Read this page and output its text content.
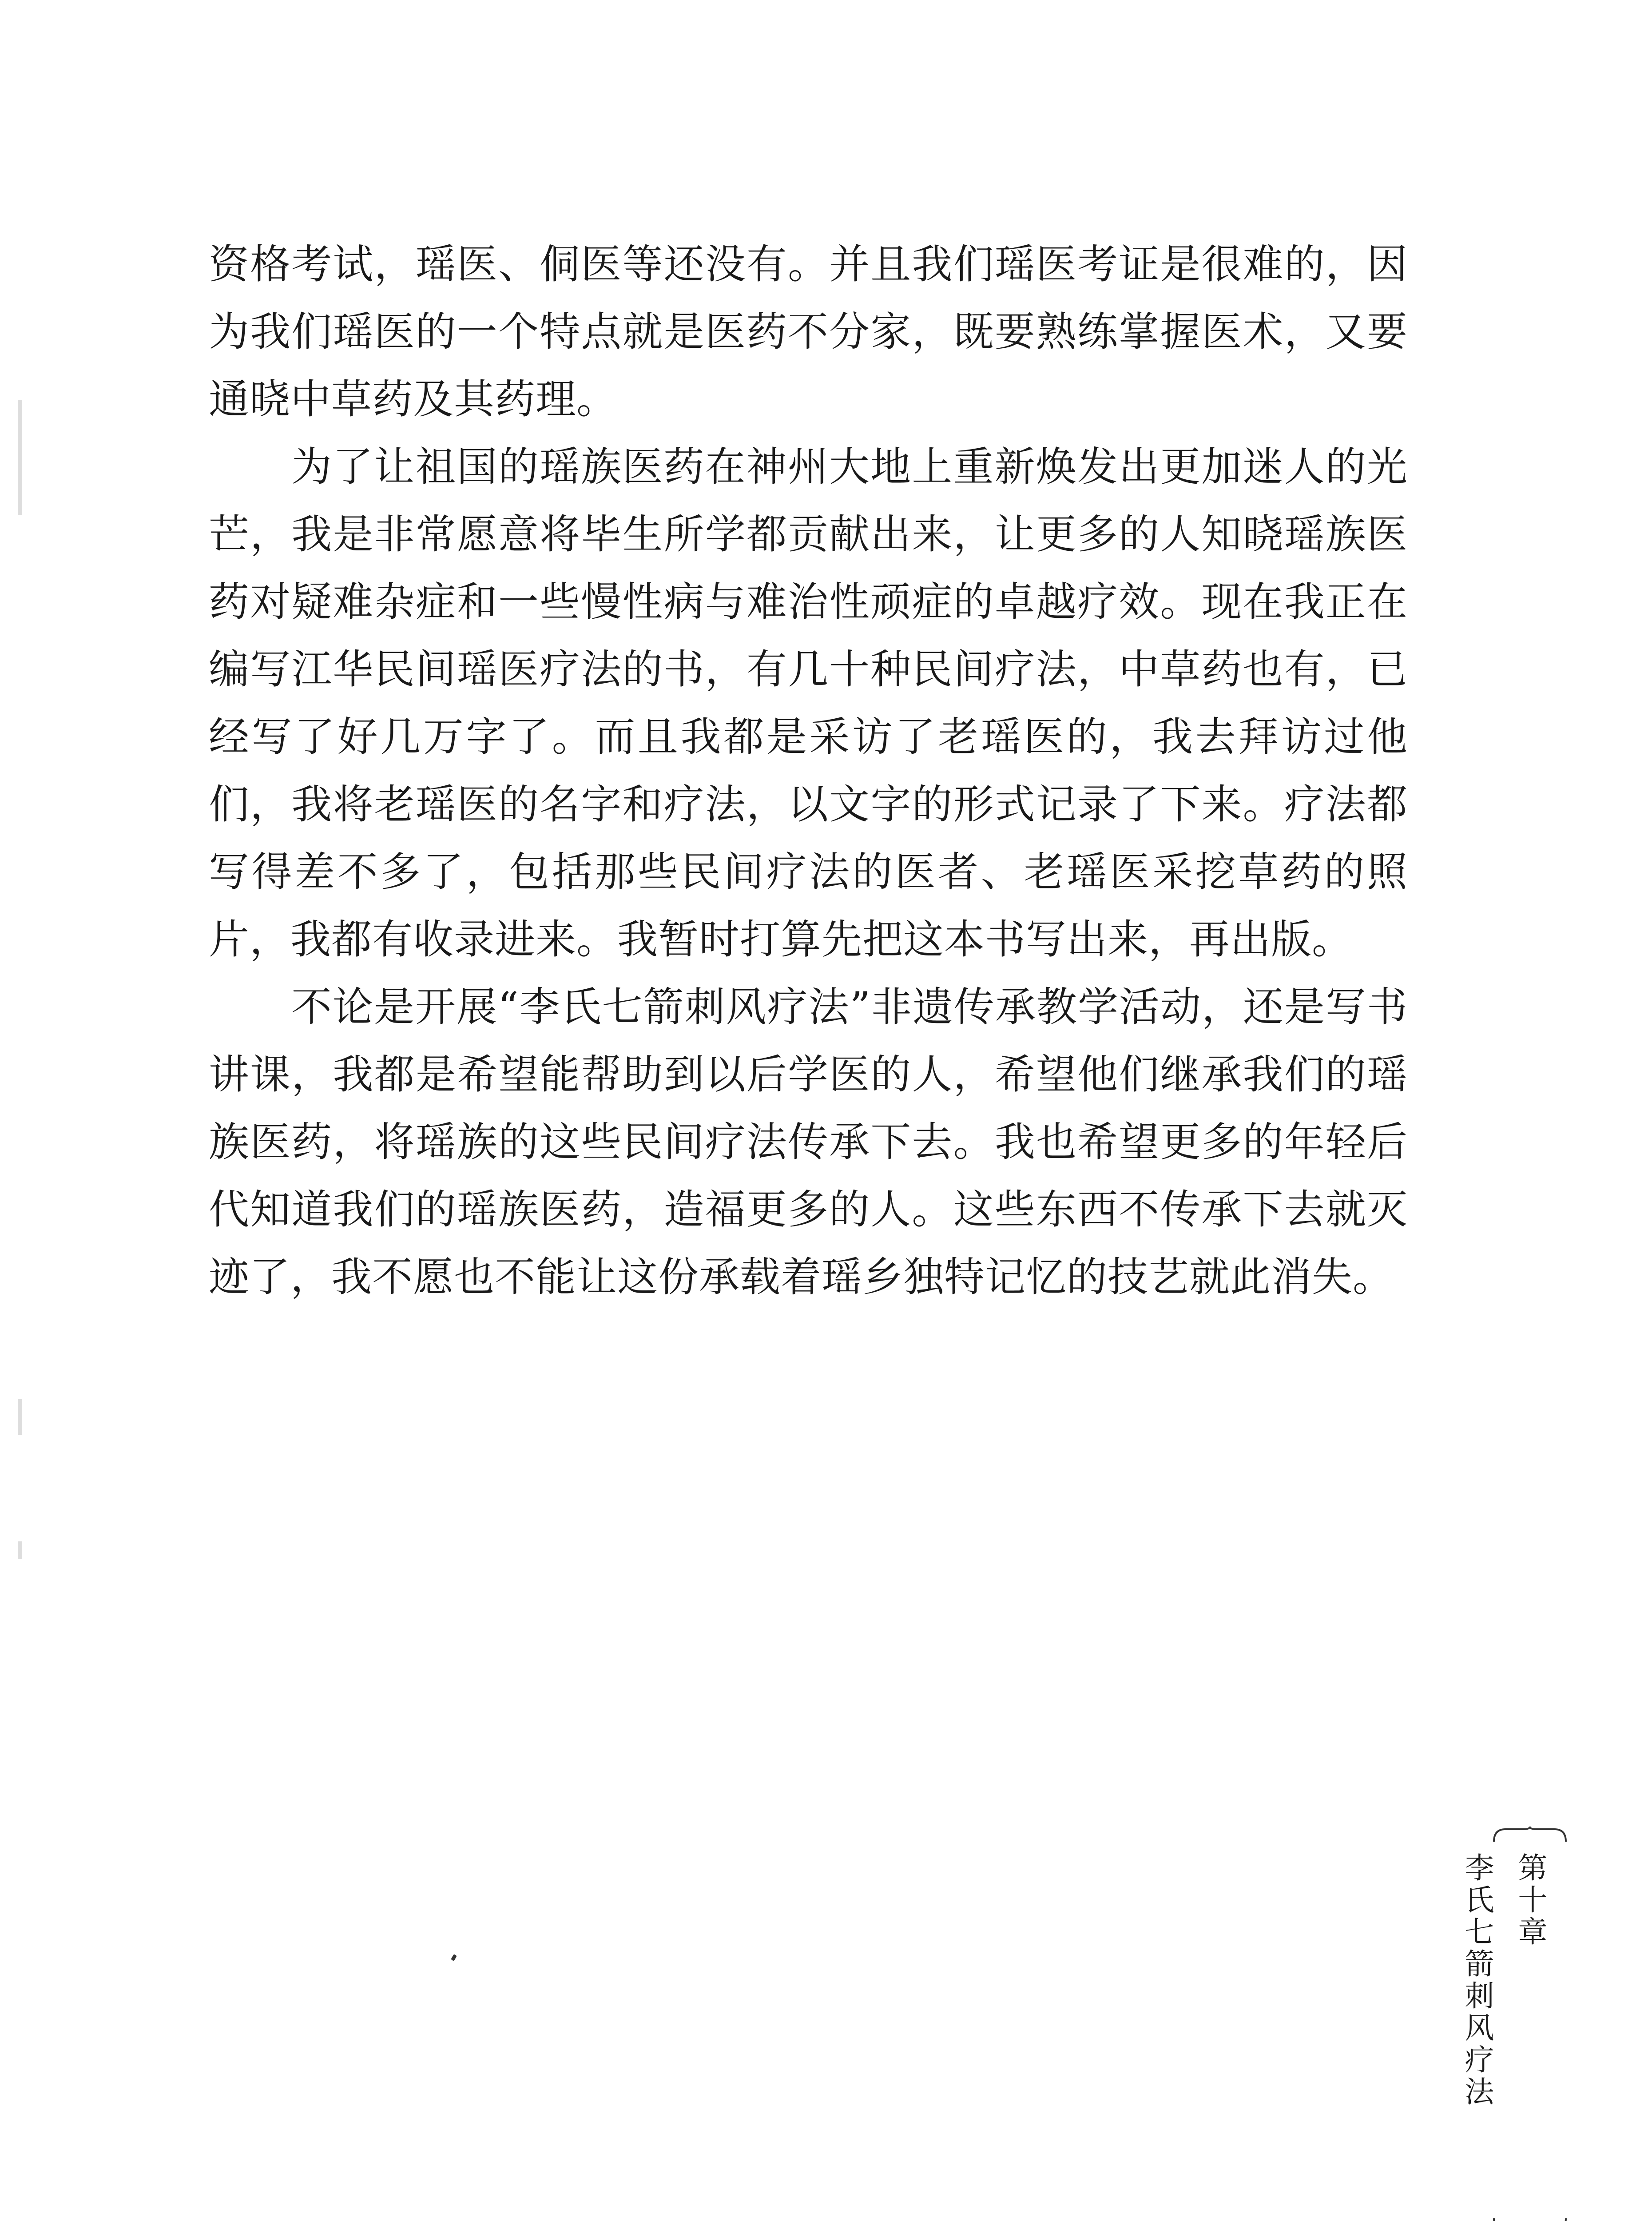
资格考试，瑶医、侗医等还没有。并且我们瑶医考证是很难的，因为我们瑶医的一个特点就是医药不分家，既要熟练掌握医术，又要通晓中草药及其药理。

为了让祖国的瑶族医药在神州大地上重新焕发出更加迷人的光芒，我是非常愿意将毕生所学都贡献出来，让更多的人知晓瑶族医药对疑难杂症和一些慢性病与难治性顽症的卓越疗效。现在我正在编写江华民间瑶医疗法的书，有几十种民间疗法，中草药也有，已经写了好几万字了。而且我都是采访了老瑶医的，我去拜访过他们，我将老瑶医的名字和疗法，以文字的形式记录了下来。疗法都写得差不多了，包括那些民间疗法的医者、老瑶医采挖草药的照片，我都有收录进来。我暂时打算先把这本书写出来，再出版。

不论是开展“李氏七箭刺风疗法”非遗传承教学活动，还是写书讲课，我都是希望能帮助到以后学医的人，希望他们继承我们的瑶族医药，将瑶族的这些民间疗法传承下去。我也希望更多的年轻后代知道我们的瑶族医药，造福更多的人。这些东西不传承下去就灭迹了，我不愿也不能让这份承载着瑶乡独特记忆的技艺就此消失。

第十章
李氏七箭刺风疗法
